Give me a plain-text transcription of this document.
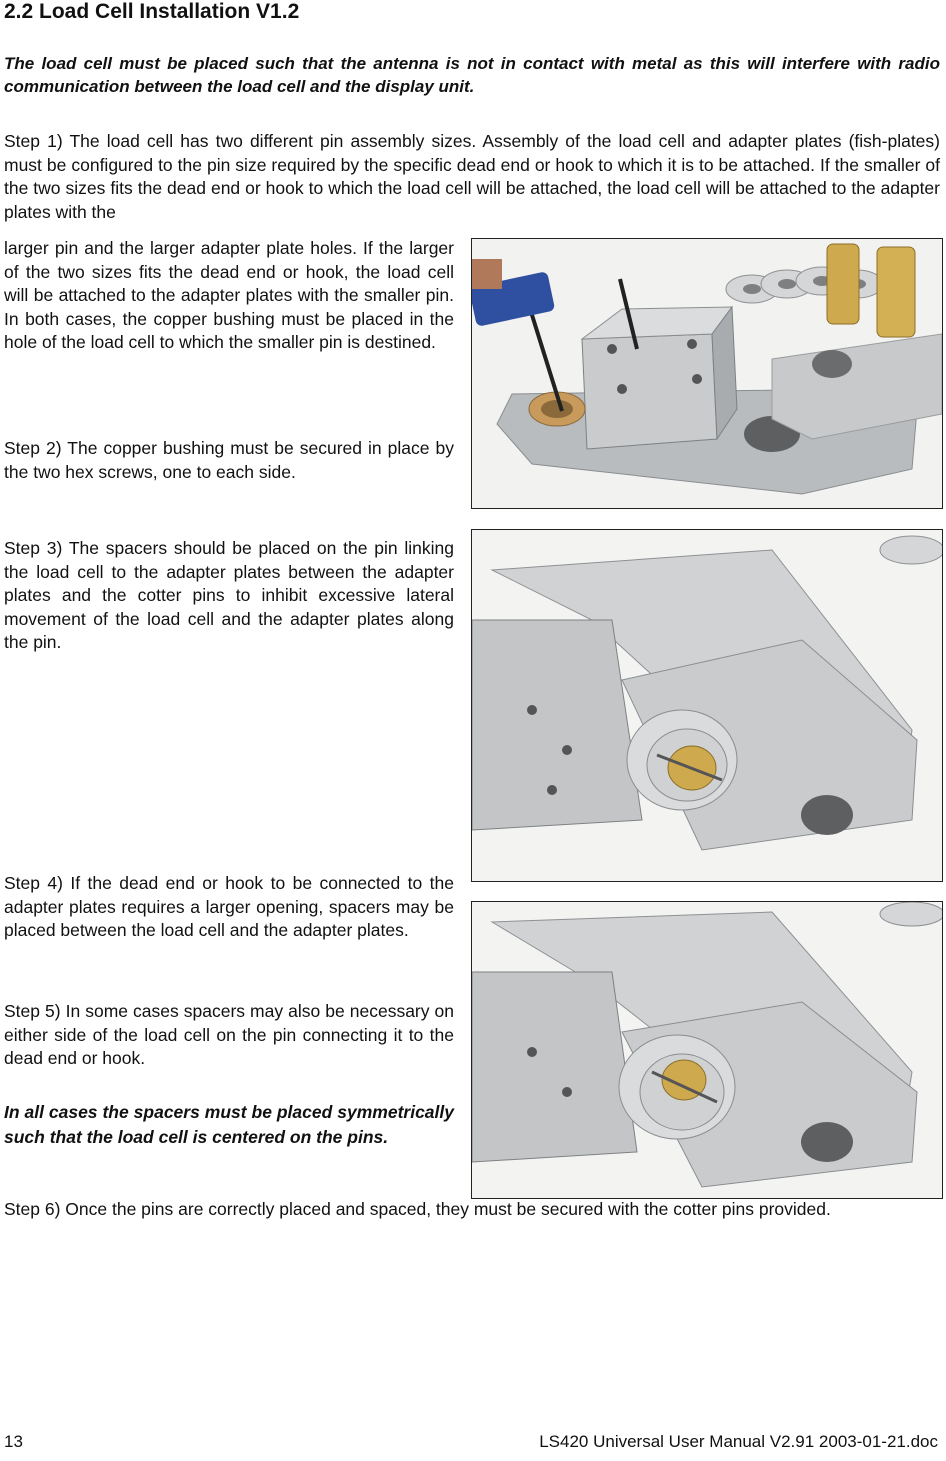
2.2 Load Cell Installation V1.2
The load cell must be placed such that the antenna is not in contact with metal as this will interfere with radio communication between the load cell and the display unit.
Step 1) The load cell has two different pin assembly sizes. Assembly of the load cell and adapter plates (fish-plates) must be configured to the pin size required by the specific dead end or hook to which it is to be attached. If the smaller of the two sizes fits the dead end or hook to which the load cell will be attached, the load cell will be attached to the adapter plates with the
larger pin and the larger adapter plate holes. If the larger of the two sizes fits the dead end or hook, the load cell will be attached to the adapter plates with the smaller pin. In both cases, the copper bushing must be placed in the hole of the load cell to which the smaller pin is destined.
Step 2) The copper bushing must be secured in place by the two hex screws, one to each side.
Step 3) The spacers should be placed on the pin linking the load cell to the adapter plates between the adapter plates and the cotter pins to inhibit excessive lateral movement of the load cell and the adapter plates along the pin.
Step 4) If the dead end or hook to be connected to the adapter plates requires a larger opening, spacers may be placed between the load cell and the adapter plates.
Step 5) In some cases spacers may also be necessary on either side of the load cell on the pin connecting it to the dead end or hook.
In all cases the spacers must be placed symmetrically such that the load cell is centered on the pins.
Step 6) Once the pins are correctly placed and spaced, they must be secured with the cotter pins provided.
13	LS420 Universal User Manual V2.91 2003-01-21.doc
